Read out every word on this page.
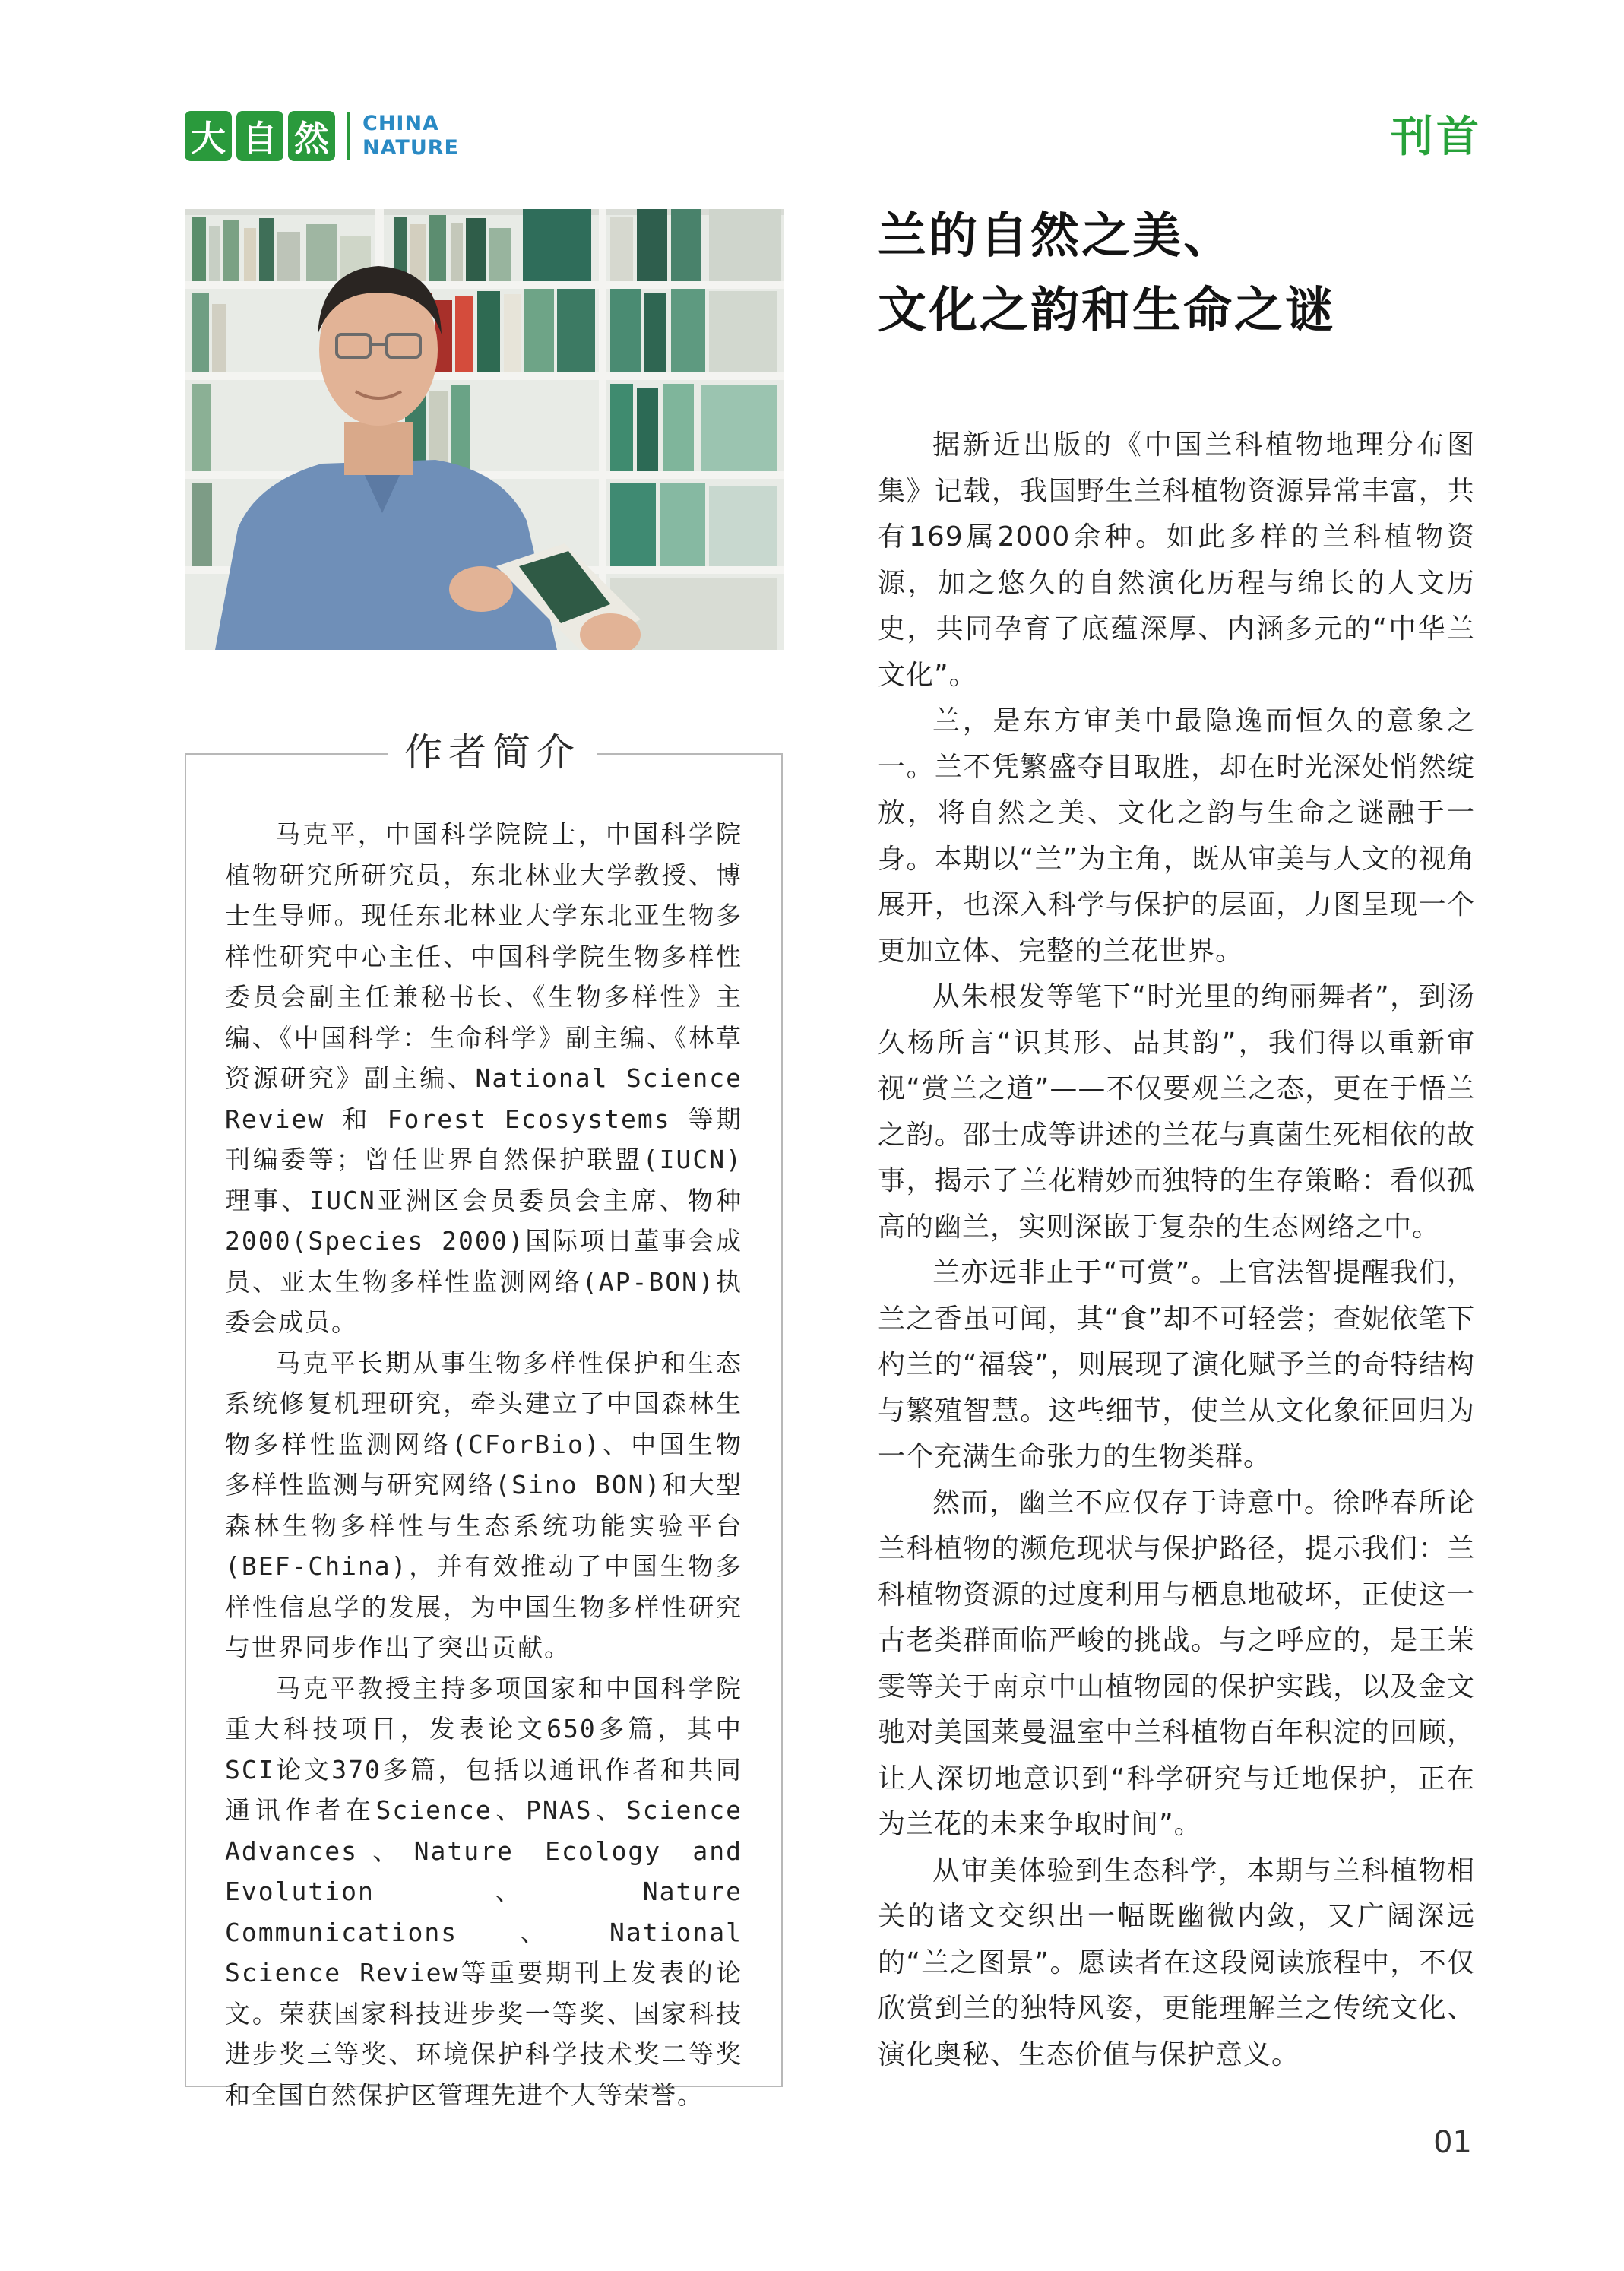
大 自 然 CHINA
NATURE	刊首
作者简介

马克平，中国科学院院士，中国科学院植物研究所研究员，东北林业大学教授、博士生导师。现任东北林业大学东北亚生物多样性研究中心主任、中国科学院生物多样性委员会副主任兼秘书长、《生物多样性》主编、《中国科学：生命科学》副主编、《林草资源研究》副主编、National Science Review 和 Forest Ecosystems 等期刊编委等；曾任世界自然保护联盟(IUCN)理事、IUCN亚洲区会员委员会主席、物种2000(Species 2000)国际项目董事会成员、亚太生物多样性监测网络(AP-BON)执委会成员。

马克平长期从事生物多样性保护和生态系统修复机理研究，牵头建立了中国森林生物多样性监测网络(CForBio)、中国生物多样性监测与研究网络(Sino BON)和大型森林生物多样性与生态系统功能实验平台(BEF-China)，并有效推动了中国生物多样性信息学的发展，为中国生物多样性研究与世界同步作出了突出贡献。

马克平教授主持多项国家和中国科学院重大科技项目，发表论文650多篇，其中SCI论文370多篇，包括以通讯作者和共同通讯作者在Science、PNAS、Science Advances、Nature Ecology and Evolution、Nature Communications、National Science Review等重要期刊上发表的论文。荣获国家科技进步奖一等奖、国家科技进步奖三等奖、环境保护科学技术奖二等奖和全国自然保护区管理先进个人等荣誉。

兰的自然之美、
文化之韵和生命之谜

据新近出版的《中国兰科植物地理分布图集》记载，我国野生兰科植物资源异常丰富，共有169属2000余种。如此多样的兰科植物资源，加之悠久的自然演化历程与绵长的人文历史，共同孕育了底蕴深厚、内涵多元的“中华兰文化”。

兰，是东方审美中最隐逸而恒久的意象之一。兰不凭繁盛夺目取胜，却在时光深处悄然绽放，将自然之美、文化之韵与生命之谜融于一身。本期以“兰”为主角，既从审美与人文的视角展开，也深入科学与保护的层面，力图呈现一个更加立体、完整的兰花世界。

从朱根发等笔下“时光里的绚丽舞者”，到汤久杨所言“识其形、品其韵”，我们得以重新审视“赏兰之道”——不仅要观兰之态，更在于悟兰之韵。邵士成等讲述的兰花与真菌生死相依的故事，揭示了兰花精妙而独特的生存策略：看似孤高的幽兰，实则深嵌于复杂的生态网络之中。

兰亦远非止于“可赏”。上官法智提醒我们，兰之香虽可闻，其“食”却不可轻尝；查妮依笔下杓兰的“福袋”，则展现了演化赋予兰的奇特结构与繁殖智慧。这些细节，使兰从文化象征回归为一个充满生命张力的生物类群。

然而，幽兰不应仅存于诗意中。徐晔春所论兰科植物的濒危现状与保护路径，提示我们：兰科植物资源的过度利用与栖息地破坏，正使这一古老类群面临严峻的挑战。与之呼应的，是王茉雯等关于南京中山植物园的保护实践，以及金文驰对美国莱曼温室中兰科植物百年积淀的回顾，让人深切地意识到“科学研究与迁地保护，正在为兰花的未来争取时间”。

从审美体验到生态科学，本期与兰科植物相关的诸文交织出一幅既幽微内敛，又广阔深远的“兰之图景”。愿读者在这段阅读旅程中，不仅欣赏到兰的独特风姿，更能理解兰之传统文化、演化奥秘、生态价值与保护意义。

01
